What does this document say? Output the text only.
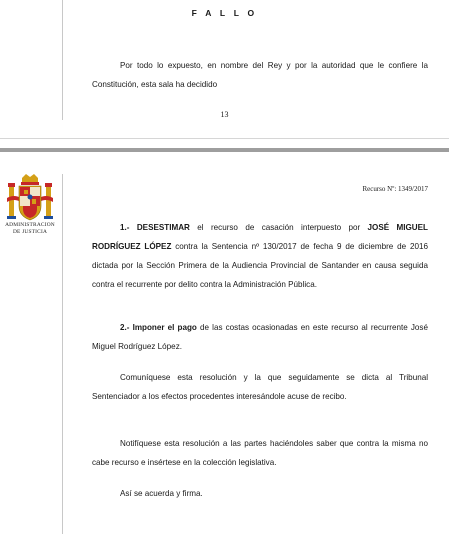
F A L L O

Por todo lo expuesto, en nombre del Rey y por la autoridad que le confiere la Constitución, esta sala ha decidido

13
ADMINISTRACION
DE JUSTICIA
Recurso Nº: 1349/2017

1.- DESESTIMAR el recurso de casación interpuesto por JOSÉ MIGUEL RODRÍGUEZ LÓPEZ contra la Sentencia nº 130/2017 de fecha 9 de diciembre de 2016 dictada por la Sección Primera de la Audiencia Provincial de Santander en causa seguida contra el recurrente por delito contra la Administración Pública.

2.- Imponer el pago de las costas ocasionadas en este recurso al recurrente José Miguel Rodríguez López.

Comuníquese esta resolución y la que seguidamente se dicta al Tribunal Sentenciador a los efectos procedentes interesándole acuse de recibo.

Notifíquese esta resolución a las partes haciéndoles saber que contra la misma no cabe recurso e insértese en la colección legislativa.

Así se acuerda y firma.
